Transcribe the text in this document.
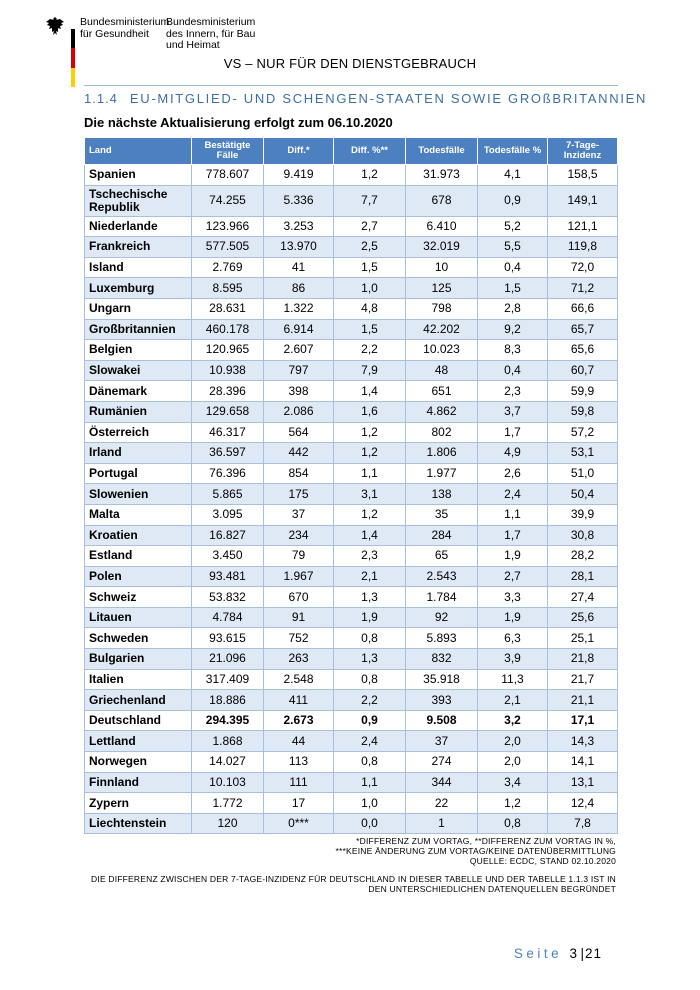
Bundesministerium
für Gesundheit
Bundesministerium
des Innern, für Bau
und Heimat
VS – NUR FÜR DEN DIENSTGEBRAUCH
1.1.4 EU-MITGLIED- UND SCHENGEN-STAATEN SOWIE GROßBRITANNIEN
Die nächste Aktualisierung erfolgt zum 06.10.2020
Land	Bestätigte Fälle	Diff.*	Diff. %**	Todesfälle	Todesfälle %	7-Tage-Inzidenz
Spanien	778.607	9.419	1,2	31.973	4,1	158,5
Tschechische Republik	74.255	5.336	7,7	678	0,9	149,1
Niederlande	123.966	3.253	2,7	6.410	5,2	121,1
Frankreich	577.505	13.970	2,5	32.019	5,5	119,8
Island	2.769	41	1,5	10	0,4	72,0
Luxemburg	8.595	86	1,0	125	1,5	71,2
Ungarn	28.631	1.322	4,8	798	2,8	66,6
Großbritannien	460.178	6.914	1,5	42.202	9,2	65,7
Belgien	120.965	2.607	2,2	10.023	8,3	65,6
Slowakei	10.938	797	7,9	48	0,4	60,7
Dänemark	28.396	398	1,4	651	2,3	59,9
Rumänien	129.658	2.086	1,6	4.862	3,7	59,8
Österreich	46.317	564	1,2	802	1,7	57,2
Irland	36.597	442	1,2	1.806	4,9	53,1
Portugal	76.396	854	1,1	1.977	2,6	51,0
Slowenien	5.865	175	3,1	138	2,4	50,4
Malta	3.095	37	1,2	35	1,1	39,9
Kroatien	16.827	234	1,4	284	1,7	30,8
Estland	3.450	79	2,3	65	1,9	28,2
Polen	93.481	1.967	2,1	2.543	2,7	28,1
Schweiz	53.832	670	1,3	1.784	3,3	27,4
Litauen	4.784	91	1,9	92	1,9	25,6
Schweden	93.615	752	0,8	5.893	6,3	25,1
Bulgarien	21.096	263	1,3	832	3,9	21,8
Italien	317.409	2.548	0,8	35.918	11,3	21,7
Griechenland	18.886	411	2,2	393	2,1	21,1
Deutschland	294.395	2.673	0,9	9.508	3,2	17,1
Lettland	1.868	44	2,4	37	2,0	14,3
Norwegen	14.027	113	0,8	274	2,0	14,1
Finnland	10.103	111	1,1	344	3,4	13,1
Zypern	1.772	17	1,0	22	1,2	12,4
Liechtenstein	120	0***	0,0	1	0,8	7,8
*DIFFERENZ ZUM VORTAG, **DIFFERENZ ZUM VORTAG IN %,
***KEINE ÄNDERUNG ZUM VORTAG/KEINE DATENÜBERMITTLUNG
QUELLE: ECDC, STAND 02.10.2020
DIE DIFFERENZ ZWISCHEN DER 7-TAGE-INZIDENZ FÜR DEUTSCHLAND IN DIESER TABELLE UND DER TABELLE 1.1.3 IST IN
DEN UNTERSCHIEDLICHEN DATENQUELLEN BEGRÜNDET
Seite 3|21
